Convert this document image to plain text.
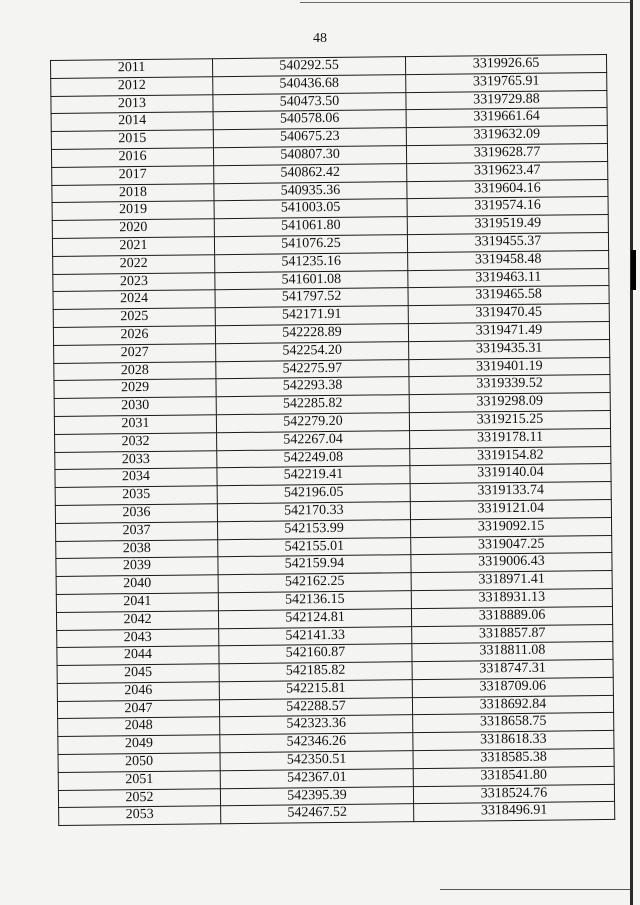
48
2011	540292.55	3319926.65
2012	540436.68	3319765.91
2013	540473.50	3319729.88
2014	540578.06	3319661.64
2015	540675.23	3319632.09
2016	540807.30	3319628.77
2017	540862.42	3319623.47
2018	540935.36	3319604.16
2019	541003.05	3319574.16
2020	541061.80	3319519.49
2021	541076.25	3319455.37
2022	541235.16	3319458.48
2023	541601.08	3319463.11
2024	541797.52	3319465.58
2025	542171.91	3319470.45
2026	542228.89	3319471.49
2027	542254.20	3319435.31
2028	542275.97	3319401.19
2029	542293.38	3319339.52
2030	542285.82	3319298.09
2031	542279.20	3319215.25
2032	542267.04	3319178.11
2033	542249.08	3319154.82
2034	542219.41	3319140.04
2035	542196.05	3319133.74
2036	542170.33	3319121.04
2037	542153.99	3319092.15
2038	542155.01	3319047.25
2039	542159.94	3319006.43
2040	542162.25	3318971.41
2041	542136.15	3318931.13
2042	542124.81	3318889.06
2043	542141.33	3318857.87
2044	542160.87	3318811.08
2045	542185.82	3318747.31
2046	542215.81	3318709.06
2047	542288.57	3318692.84
2048	542323.36	3318658.75
2049	542346.26	3318618.33
2050	542350.51	3318585.38
2051	542367.01	3318541.80
2052	542395.39	3318524.76
2053	542467.52	3318496.91
